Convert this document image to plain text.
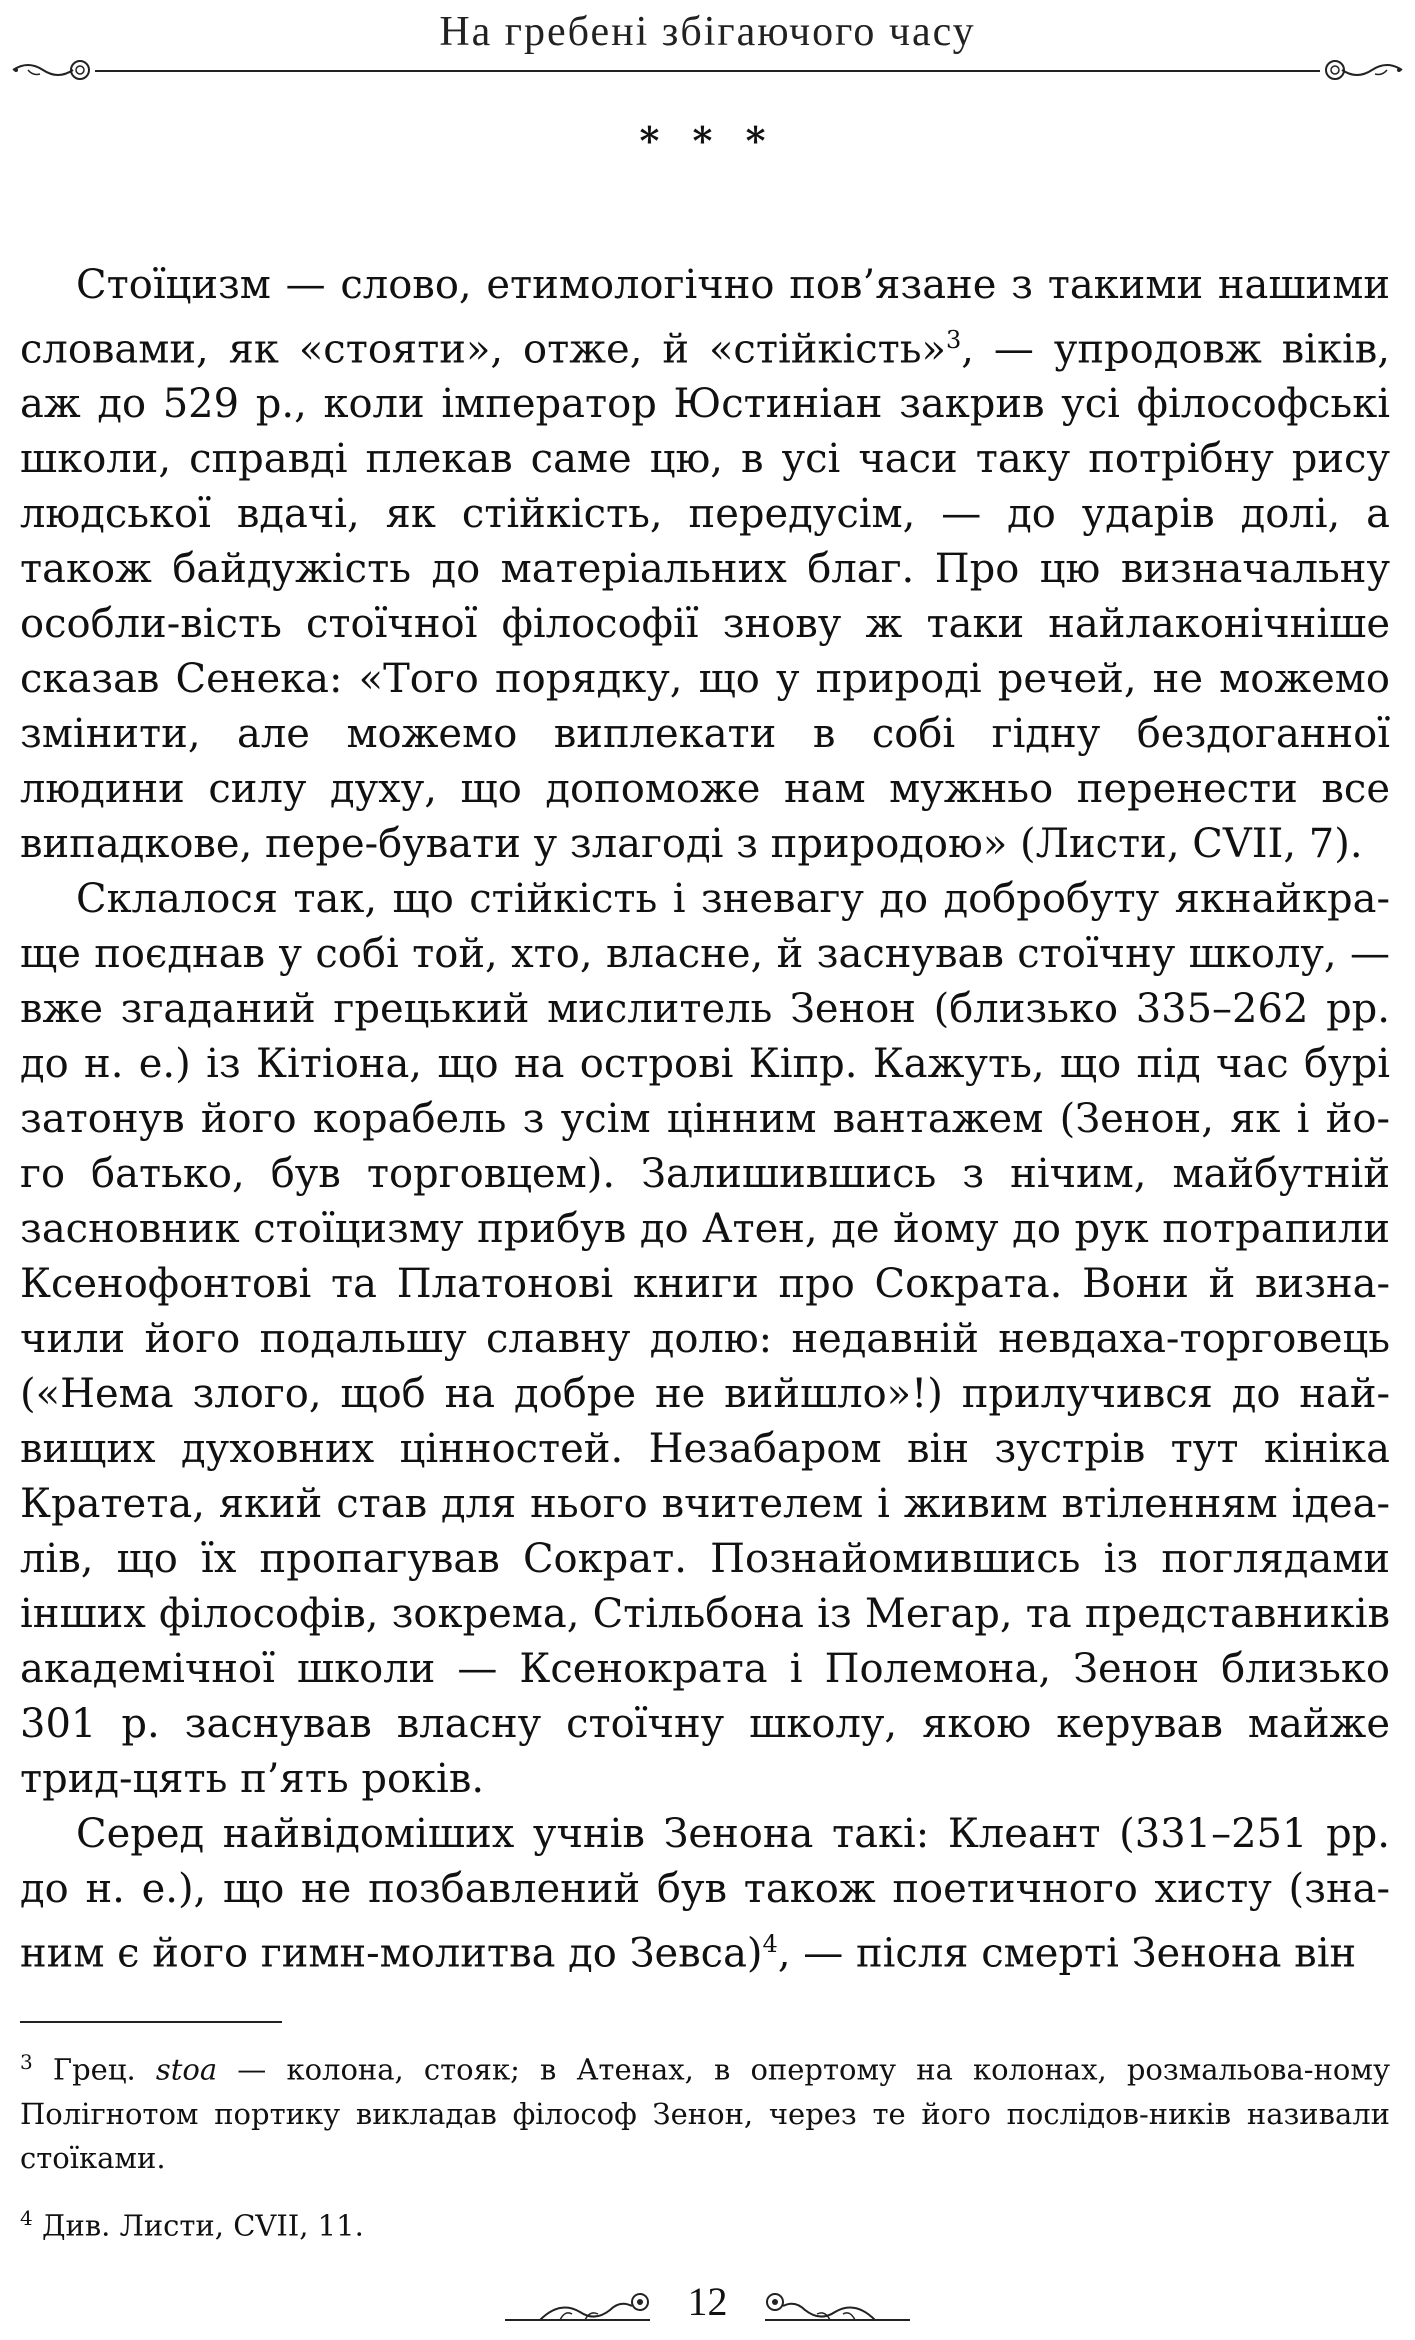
На гребені збігаючого часу
* * *

Стоїцизм — слово, етимологічно пов’язане з такими нашими словами, як «стояти», отже, й «стійкість»$^3$, — упродовж віків, аж до 529 р., коли імператор Юстиніан закрив усі філософські школи, справді плекав саме цю, в усі часи таку потрібну рису людської вдачі, як стійкість, передусім, — до ударів долі, а також байдужість до матеріальних благ. Про цю визначальну особли-вість стоїчної філософії знову ж таки найлаконічніше сказав Сенека: «Того порядку, що у природі речей, не можемо змінити, але можемо виплекати в собі гідну бездоганної людини силу духу, що допоможе нам мужньо перенести все випадкове, пере-бувати у злагоді з природою» (Листи, CVII, 7).

Склалося так, що стійкість і зневагу до добробуту якнайкра-ще поєднав у собі той, хто, власне, й заснував стоїчну школу, — вже згаданий грецький мислитель Зенон (близько 335–262 рр. до н. е.) із Кітіона, що на острові Кіпр. Кажуть, що під час бурі затонув його корабель з усім цінним вантажем (Зенон, як і йо-го батько, був торговцем). Залишившись з нічим, майбутній засновник стоїцизму прибув до Атен, де йому до рук потрапили Ксенофонтові та Платонові книги про Сократа. Вони й визна-чили його подальшу славну долю: недавній невдаха-торговець («Нема злого, щоб на добре не вийшло»!) прилучився до най-вищих духовних цінностей. Незабаром він зустрів тут кініка Кратета, який став для нього вчителем і живим втіленням ідеа-лів, що їх пропагував Сократ. Познайомившись із поглядами інших філософів, зокрема, Стільбона із Мегар, та представників академічної школи — Ксенократа і Полемона, Зенон близько 301 р. заснував власну стоїчну школу, якою керував майже трид-цять п’ять років.

Серед найвідоміших учнів Зенона такі: Клеант (331–251 рр. до н. е.), що не позбавлений був також поетичного хисту (зна-ним є його гимн-молитва до Зевса)$^4$, — після смерті Зенона він

$^3$ Грец. stoa — колона, стояк; в Атенах, в опертому на колонах, розмальова-ному Полігнотом портику викладав філософ Зенон, через те його послідов-ників називали стоїками.

$^4$ Див. Листи, CVII, 11.

12
